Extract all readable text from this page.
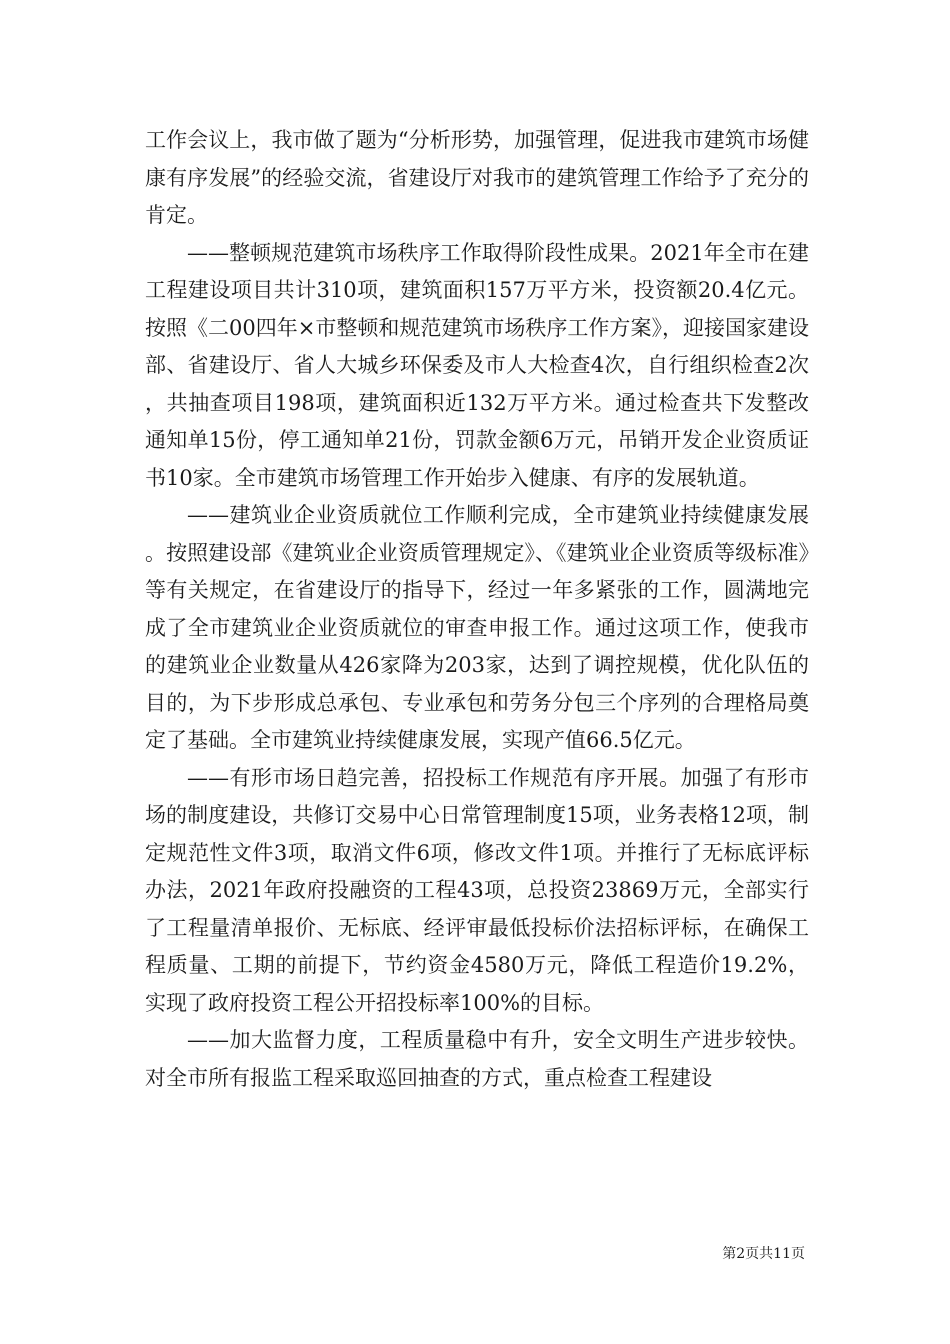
工作会议上，我市做了题为“分析形势，加强管理，促进我市建筑市场健康有序发展”的经验交流，省建设厅对我市的建筑管理工作给予了充分的肯定。

——整顿规范建筑市场秩序工作取得阶段性成果。2021年全市在建工程建设项目共计310项，建筑面积157万平方米，投资额20.4亿元。按照《二00四年×市整顿和规范建筑市场秩序工作方案》，迎接国家建设部、省建设厅、省人大城乡环保委及市人大检查4次，自行组织检查2次，共抽查项目198项，建筑面积近132万平方米。通过检查共下发整改通知单15份，停工通知单21份，罚款金额6万元，吊销开发企业资质证书10家。全市建筑市场管理工作开始步入健康、有序的发展轨道。

——建筑业企业资质就位工作顺利完成，全市建筑业持续健康发展。按照建设部《建筑业企业资质管理规定》、《建筑业企业资质等级标准》等有关规定，在省建设厅的指导下，经过一年多紧张的工作，圆满地完成了全市建筑业企业资质就位的审查申报工作。通过这项工作，使我市的建筑业企业数量从426家降为203家，达到了调控规模，优化队伍的目的，为下步形成总承包、专业承包和劳务分包三个序列的合理格局奠定了基础。全市建筑业持续健康发展，实现产值66.5亿元。

——有形市场日趋完善，招投标工作规范有序开展。加强了有形市场的制度建设，共修订交易中心日常管理制度15项，业务表格12项，制定规范性文件3项，取消文件6项，修改文件1项。并推行了无标底评标办法，2021年政府投融资的工程43项，总投资23869万元，全部实行了工程量清单报价、无标底、经评审最低投标价法招标评标，在确保工程质量、工期的前提下，节约资金4580万元，降低工程造价19.2%，实现了政府投资工程公开招投标率100%的目标。

——加大监督力度，工程质量稳中有升，安全文明生产进步较快。对全市所有报监工程采取巡回抽查的方式，重点检查工程建设

第2页共11页
